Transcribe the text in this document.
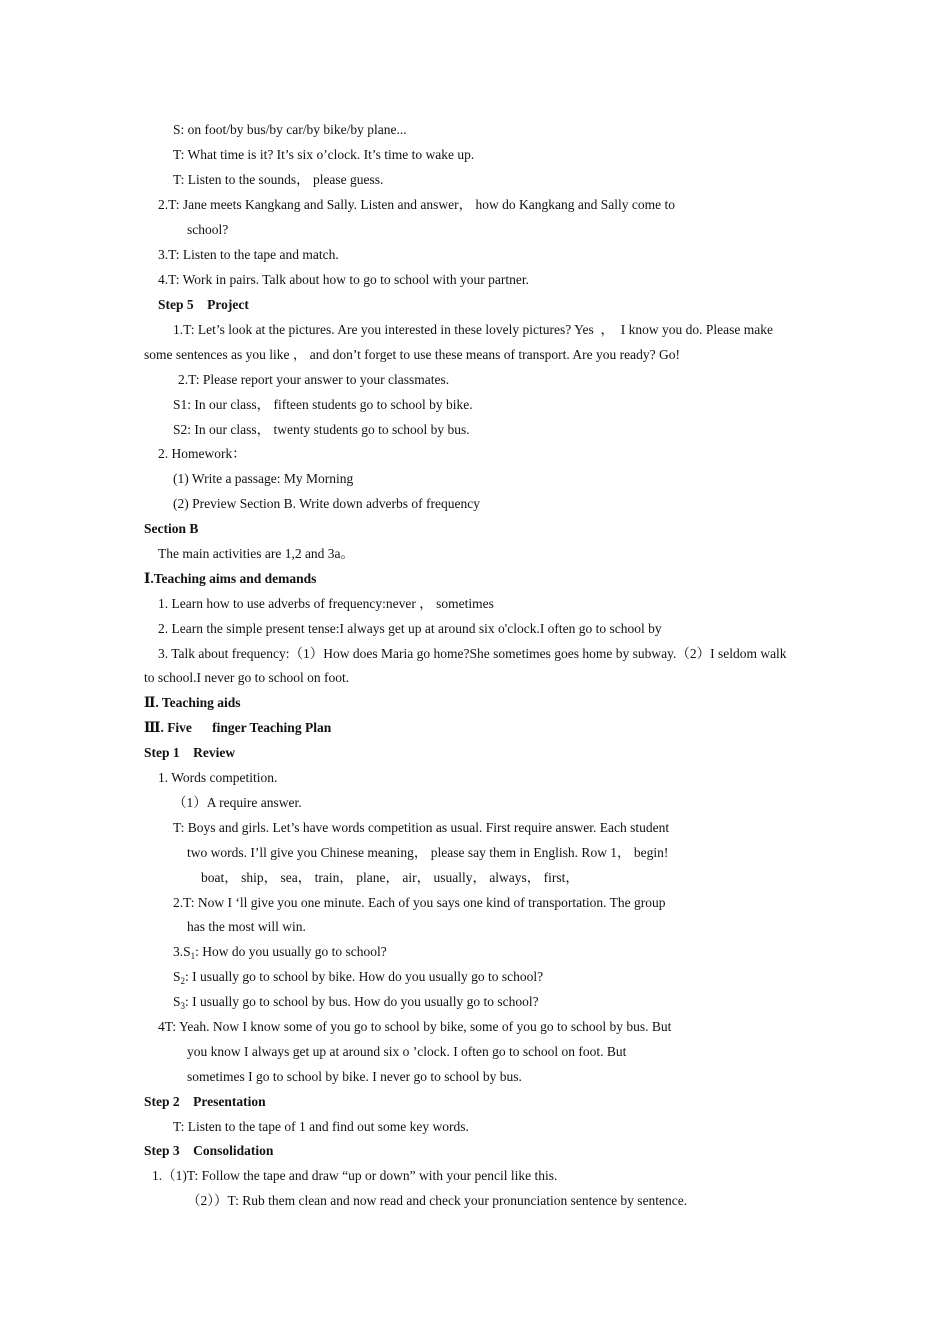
S: on foot/by bus/by car/by bike/by plane...
T: What time is it? It’s six o’clock. It’s time to wake up.
T: Listen to the sounds， please guess.
2.T: Jane meets Kangkang and Sally. Listen and answer， how do Kangkang and Sally come to
school?
3.T: Listen to the tape and match.
4.T: Work in pairs. Talk about how to go to school with your partner.
Step 5    Project
1.T: Let’s look at the pictures. Are you interested in these lovely pictures? Yes  ，  I know you do. Please make
some sentences as you like ， and don’t forget to use these means of transport. Are you ready? Go!
2.T: Please report your answer to your classmates.
S1: In our class， fifteen students go to school by bike.
S2: In our class， twenty students go to school by bus.
2. Homework：
(1) Write a passage: My Morning
(2) Preview Section B. Write down adverbs of frequency
Section B
The main activities are 1,2 and 3a。
Ⅰ.Teaching aims and demands
1. Learn how to use adverbs of frequency:never ， sometimes
2. Learn the simple present tense:I always get up at around six o'clock.I often go to school by
3. Talk about frequency:（1）How does Maria go home?She sometimes goes home by subway.（2）I seldom walk
to school.I never go to school on foot.
Ⅱ. Teaching aids
Ⅲ. Five      finger Teaching Plan
Step 1    Review
1. Words competition.
（1）A require answer.
T: Boys and girls. Let’s have words competition as usual. First require answer. Each student
two words. I’ll give you Chinese meaning， please say them in English. Row 1， begin!
boat， ship， sea， train， plane， air， usually， always， first，
2.T: Now I ‘ll give you one minute. Each of you says one kind of transportation. The group
has the most will win.
$3.S_1$: How do you usually go to school?
$S_2$: I usually go to school by bike. How do you usually go to school?
$S_3$: I usually go to school by bus. How do you usually go to school?
4T: Yeah. Now I know some of you go to school by bike, some of you go to school by bus. But
you know I always get up at around six o ’clock. I often go to school on foot. But
sometimes I go to school by bike. I never go to school by bus.
Step 2    Presentation
T: Listen to the tape of 1 and find out some key words.
Step 3    Consolidation
1.（1)T: Follow the tape and draw “up or down” with your pencil like this.
（2））T: Rub them clean and now read and check your pronunciation sentence by sentence.
